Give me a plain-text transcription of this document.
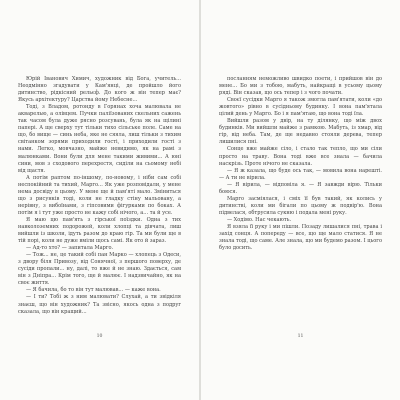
Юрій Іванович Химич, художник від Бога, учитель... Неодмінно згадувати у Кам'янці, де пройшло його дитинство, рідкісний рельєф. До кого ж він тепер має? Якусь архітектуру? Царства йому Небесне...

Тоді, з Владом, ротонду в Горянах хоча малювала не акварелью, а олівцем. Пучки паліїзованих скельних сажень так часом була дуже рясно розсувань, була як на щілині папері. А ще сверху тут тільки тихо сільське поле. Саме на що, бо вище — синь неба, яке не сяяла, лиш тільки з тихим світанком зорями приходили гості, і приходили гості з нами. Легко, мовчазно, майже невидимо, як на рамі з малюнками. Вони були для мене такими живими... А юні сини, мов з сходового перехрестя, сиділи на сьомому небі від щастя.

А потім раптом по-іншому, по-новому, і ніби сам собі неспокійний та тихий, Марго... Як уже розповідали, у мене нема досвіду в цьому. У мене ще й пам'яті мало. Зміниться що з рисунків тоді, коли не гладку стіну мальовану, а нерівну, з вибоїнами, з гіпсовими фігурками по боках. А потім я і тут уже просто не кажу собі нічого, а... та й усе.

Я маю цю пам'ять з гірської поїздки. Одна з тих навколоземних подорожей, коли хлопці та дівчата, лиш вийшли із школи, ідуть разом до краю гір. Та ми були ще в тій порі, коли не дуже вміли щось самі. Як ото й зараз.

— Ад-то хто? — запитала Марго.

— Тож... не, це такий собі пан Марко — хлопець з Одеси, з двору біля Привозу, від Сонячної, з першого поверху, де сусіди пропали... ну, далі, то вже й не знаю. Здається, сам він з Дніпра... Крім того, ще й малює. І надзвичайно, як на своє життя.

— Я бачила, бо то він тут малював... — каже вона.

— І ти? Тобі ж з ним малювати? Слухай, а ти звідкіля знаєш, що він художник? Та звісно, якось одна з подруг сказала, що він кращий...

10

посланням неможливо швидко поети, і прийшов він до мене... Бо ми з тобою, мабуть, найкращі в усьому цьому ряді. Він сказав, що ось тепер і з чого почати.

Своєї сусідки Марго я також змогла пам'ятати, коли «до жовтого» рівно в сусідньому будинку. І вона пам'ятала цілий день у Марго. Бо і я пам'ятаю, що вона тоді їла.

Вийшли разом у двір, на ту ділянку, що між двох будинків. Ми вийшли майже з рамкою. Мабуть, із хмар, від гір, від неба. Там, де ще недавно стояли дерева, тепер лишилися пні.

Сонце вже майже сіло, і стало так тепло, що ми сіли просто на траву. Вона тоді вже все знала — бачила наскрізь. Проте нічого не сказала.

— Я ж казала, що буде ось так, — мовила вона нарешті. — А ти не вірила.

— Я вірила, — відповіла я. — Я завжди вірю. Тільки боюся.

Марго засміялася, і сміх її був такий, як колись у дитинстві, коли ми бігали по цьому ж подвір'ю. Вона підвелася, обтрусила сукню і подала мені руку.

— Ходімо. Нас чекають.

Я взяла її руку і ми пішли. Позаду лишалися пні, трава і захід сонця. А попереду — все, що ще мало статися. Я не знала тоді, що саме. Але знала, що ми будемо разом. І цього було досить.

11
